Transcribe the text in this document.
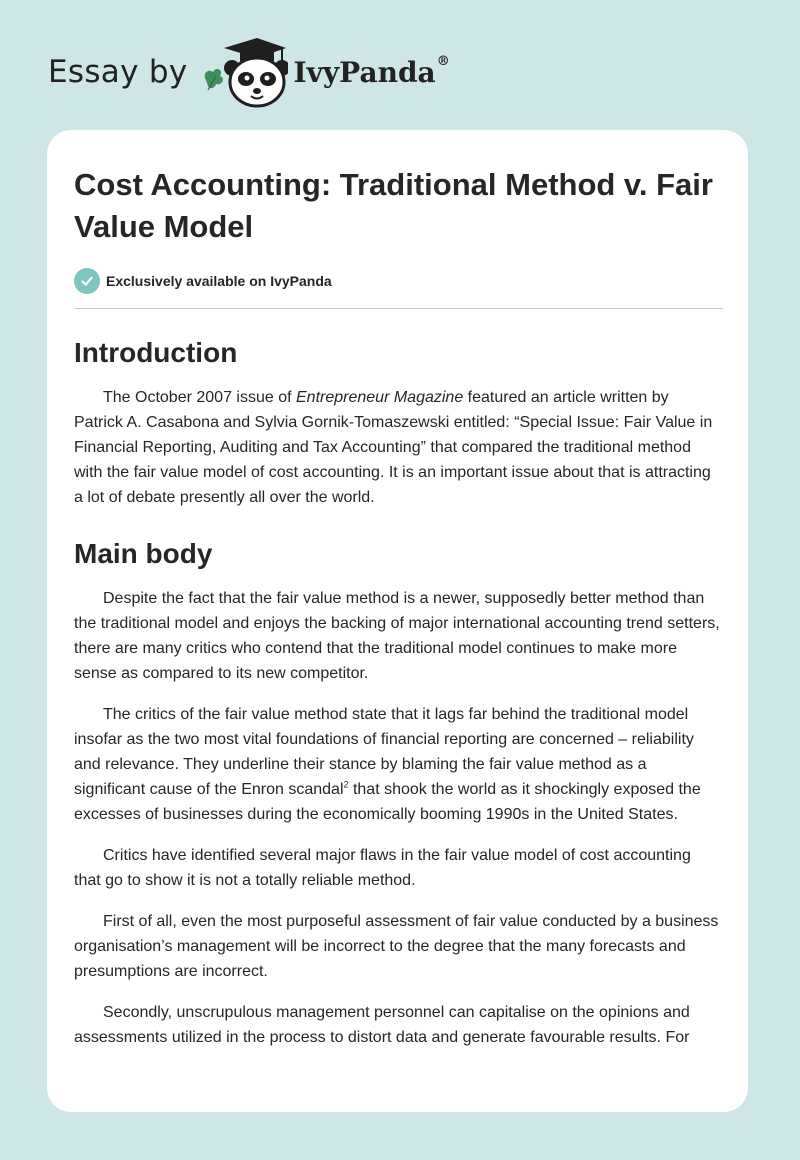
Essay by	IvyPanda®
Cost Accounting: Traditional Method v. Fair Value Model
Exclusively available on IvyPanda
Introduction

The October 2007 issue of Entrepreneur Magazine featured an article written by Patrick A. Casabona and Sylvia Gornik-Tomaszewski entitled: “Special Issue: Fair Value in Financial Reporting, Auditing and Tax Accounting” that compared the traditional method with the fair value model of cost accounting. It is an important issue about that is attracting a lot of debate presently all over the world.

Main body

Despite the fact that the fair value method is a newer, supposedly better method than the traditional model and enjoys the backing of major international accounting trend setters, there are many critics who contend that the traditional model continues to make more sense as compared to its new competitor.

The critics of the fair value method state that it lags far behind the traditional model insofar as the two most vital foundations of financial reporting are concerned – reliability and relevance. They underline their stance by blaming the fair value method as a significant cause of the Enron scandal$^2$ that shook the world as it shockingly exposed the excesses of businesses during the economically booming 1990s in the United States.

Critics have identified several major flaws in the fair value model of cost accounting that go to show it is not a totally reliable method.

First of all, even the most purposeful assessment of fair value conducted by a business organisation’s management will be incorrect to the degree that the many forecasts and presumptions are incorrect.

Secondly, unscrupulous management personnel can capitalise on the opinions and assessments utilized in the process to distort data and generate favourable results. For
